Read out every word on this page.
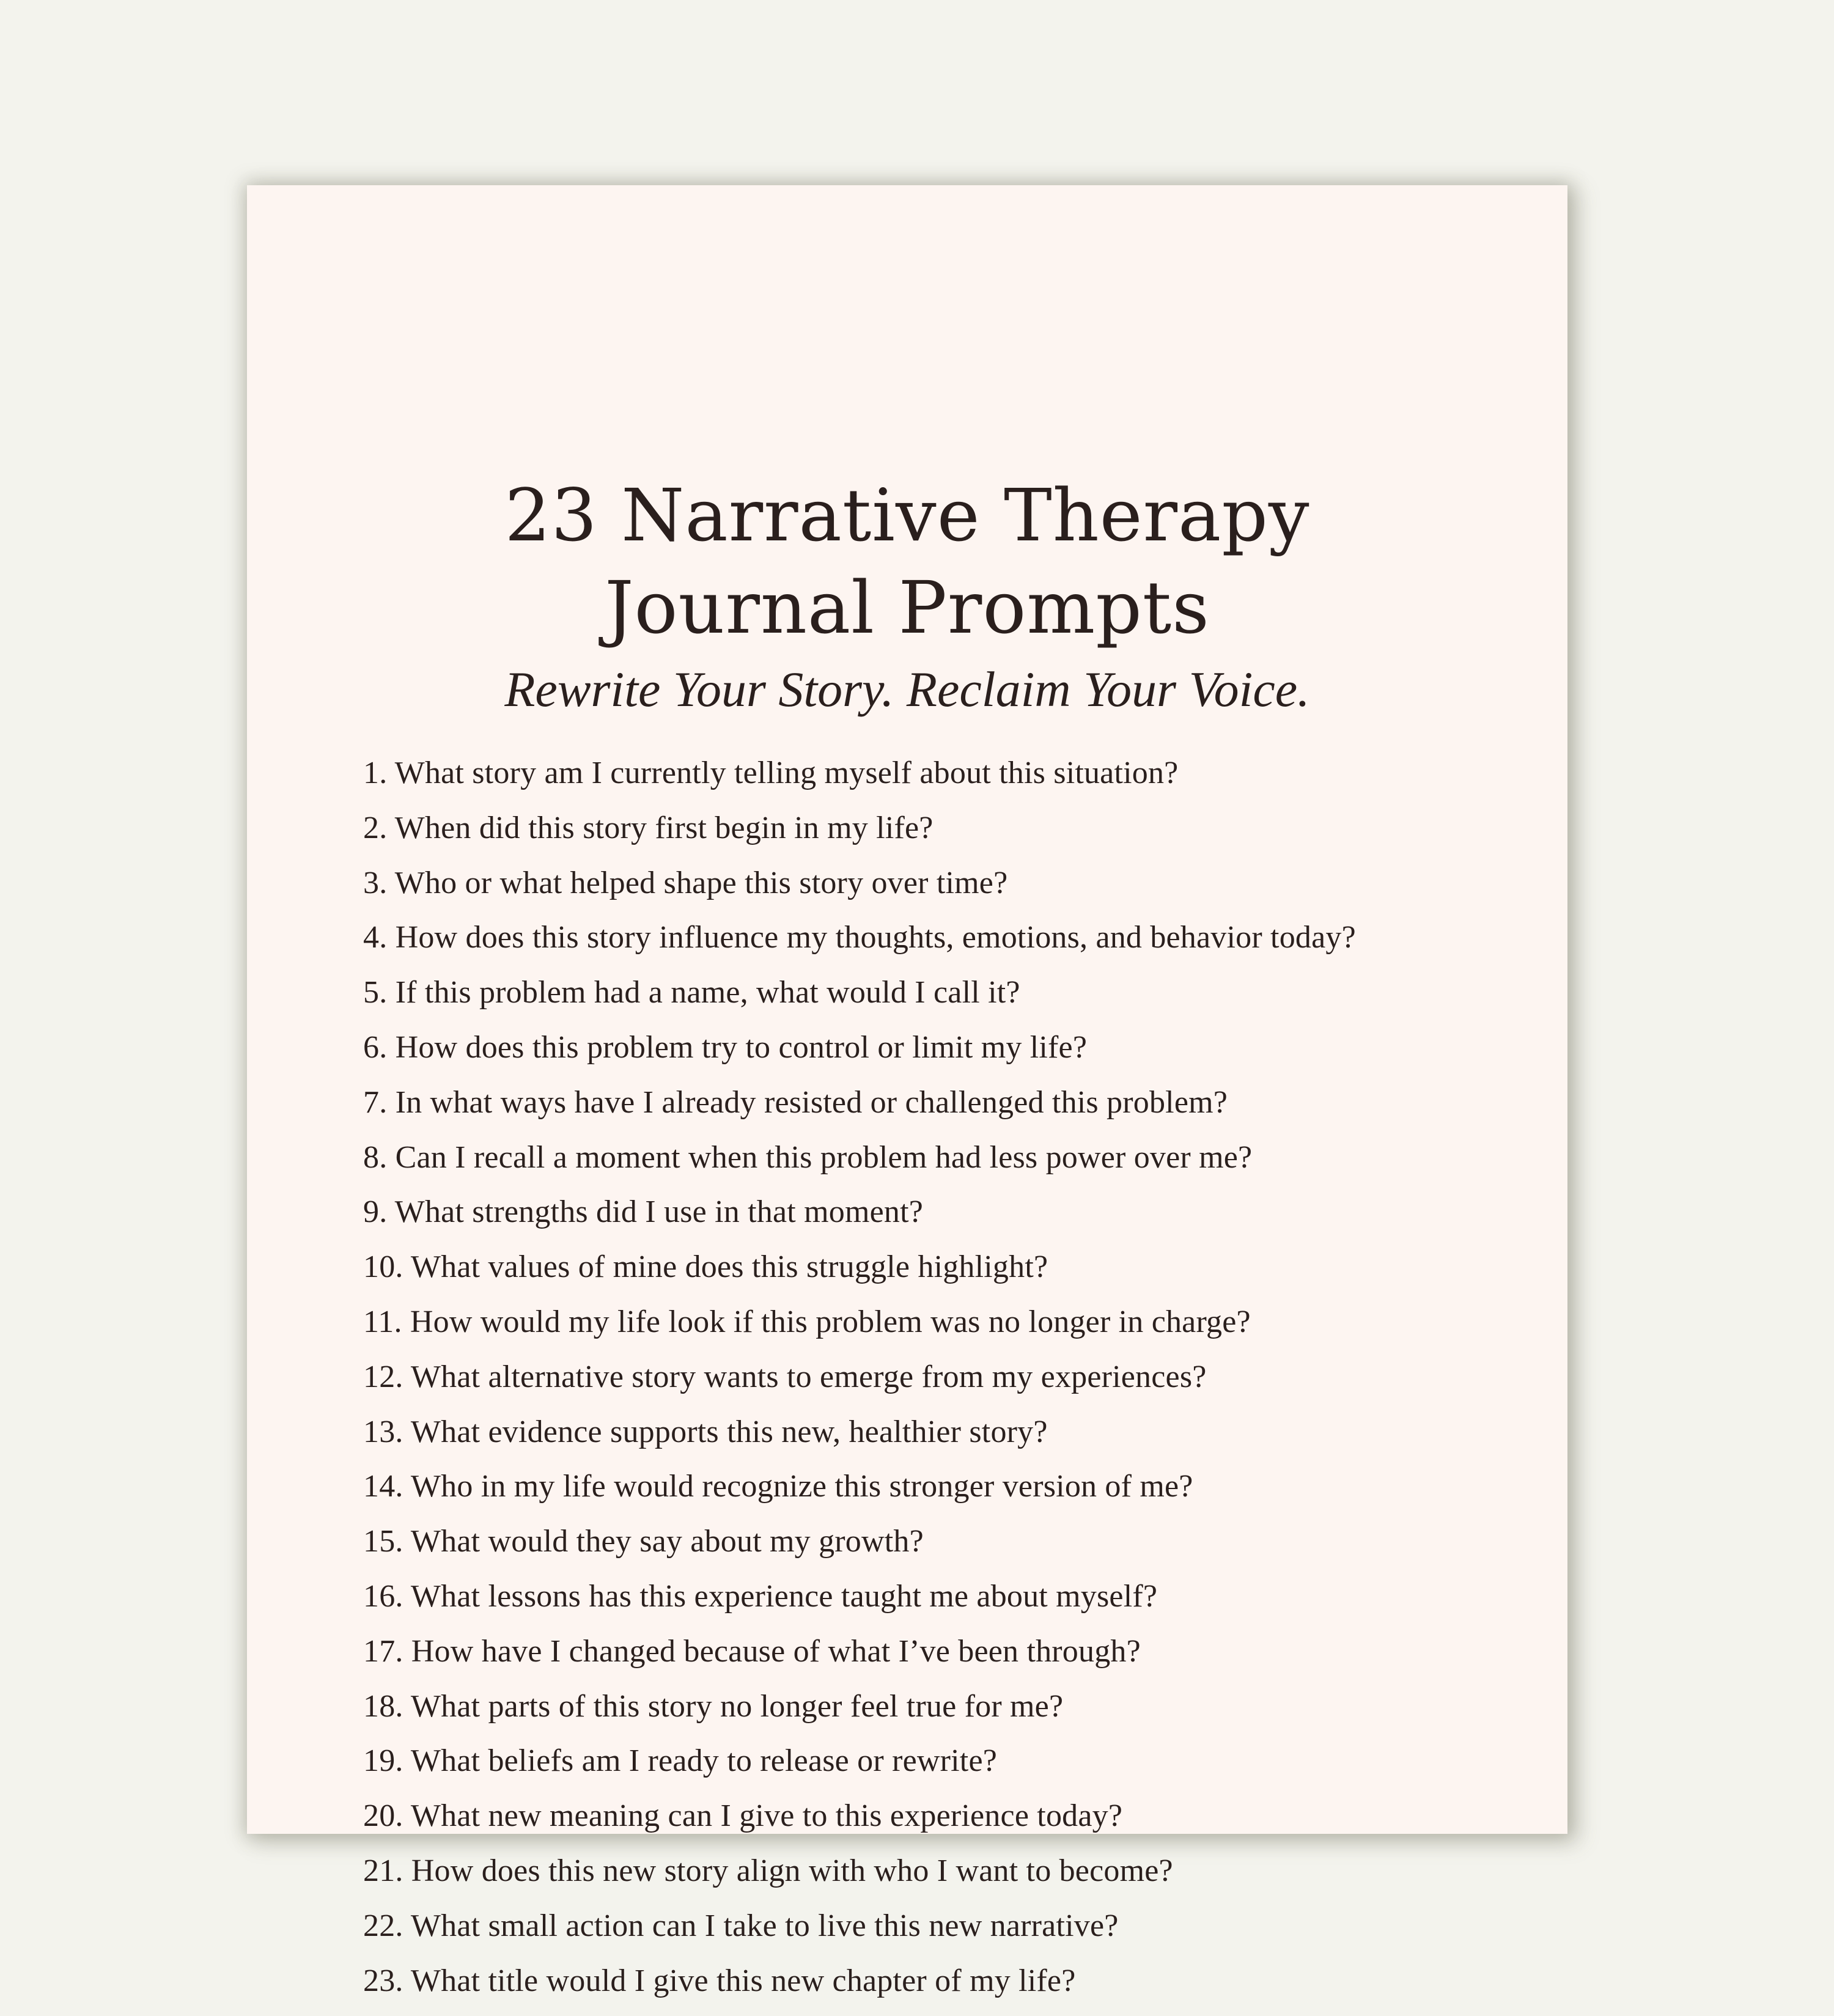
23 Narrative Therapy
Journal Prompts

Rewrite Your Story. Reclaim Your Voice.

1. What story am I currently telling myself about this situation?
2. When did this story first begin in my life?
3. Who or what helped shape this story over time?
4. How does this story influence my thoughts, emotions, and behavior today?
5. If this problem had a name, what would I call it?
6. How does this problem try to control or limit my life?
7. In what ways have I already resisted or challenged this problem?
8. Can I recall a moment when this problem had less power over me?
9. What strengths did I use in that moment?
10. What values of mine does this struggle highlight?
11. How would my life look if this problem was no longer in charge?
12. What alternative story wants to emerge from my experiences?
13. What evidence supports this new, healthier story?
14. Who in my life would recognize this stronger version of me?
15. What would they say about my growth?
16. What lessons has this experience taught me about myself?
17. How have I changed because of what I’ve been through?
18. What parts of this story no longer feel true for me?
19. What beliefs am I ready to release or rewrite?
20. What new meaning can I give to this experience today?
21. How does this new story align with who I want to become?
22. What small action can I take to live this new narrative?
23. What title would I give this new chapter of my life?
